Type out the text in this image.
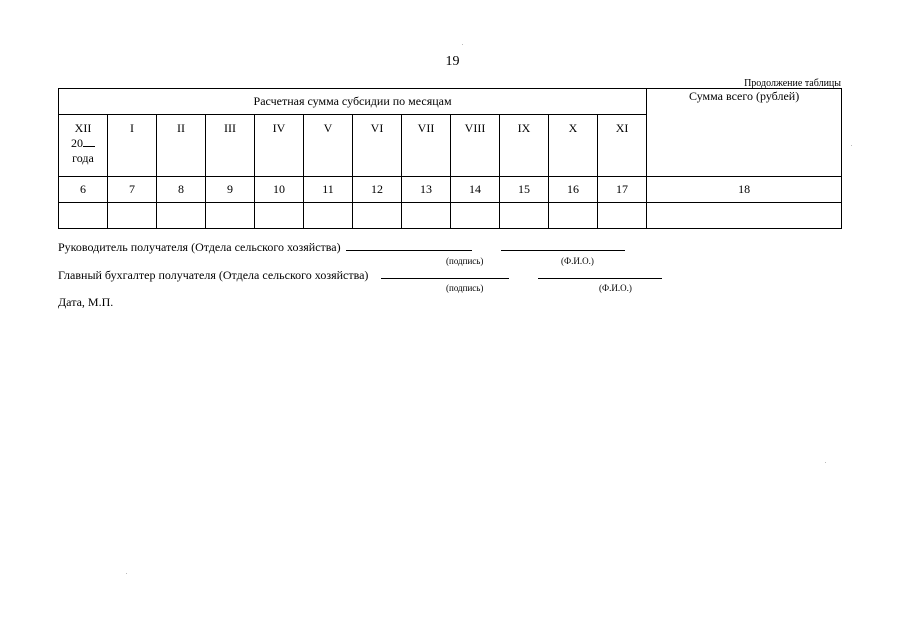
19
Продолжение таблицы
Расчетная сумма субсидии по месяцам												Сумма всего (рублей)

XII
20
года	I	II	III	IV	V	VI	VII	VIII	IX	X	XI	
6	7	8	9	10	11	12	13	14	15	16	17	18

Руководитель получателя (Отдела сельского хозяйства)
(подпись)	(Ф.И.О.)
Главный бухгалтер получателя (Отдела сельского хозяйства)
(подпись)	(Ф.И.О.)
Дата, М.П.
